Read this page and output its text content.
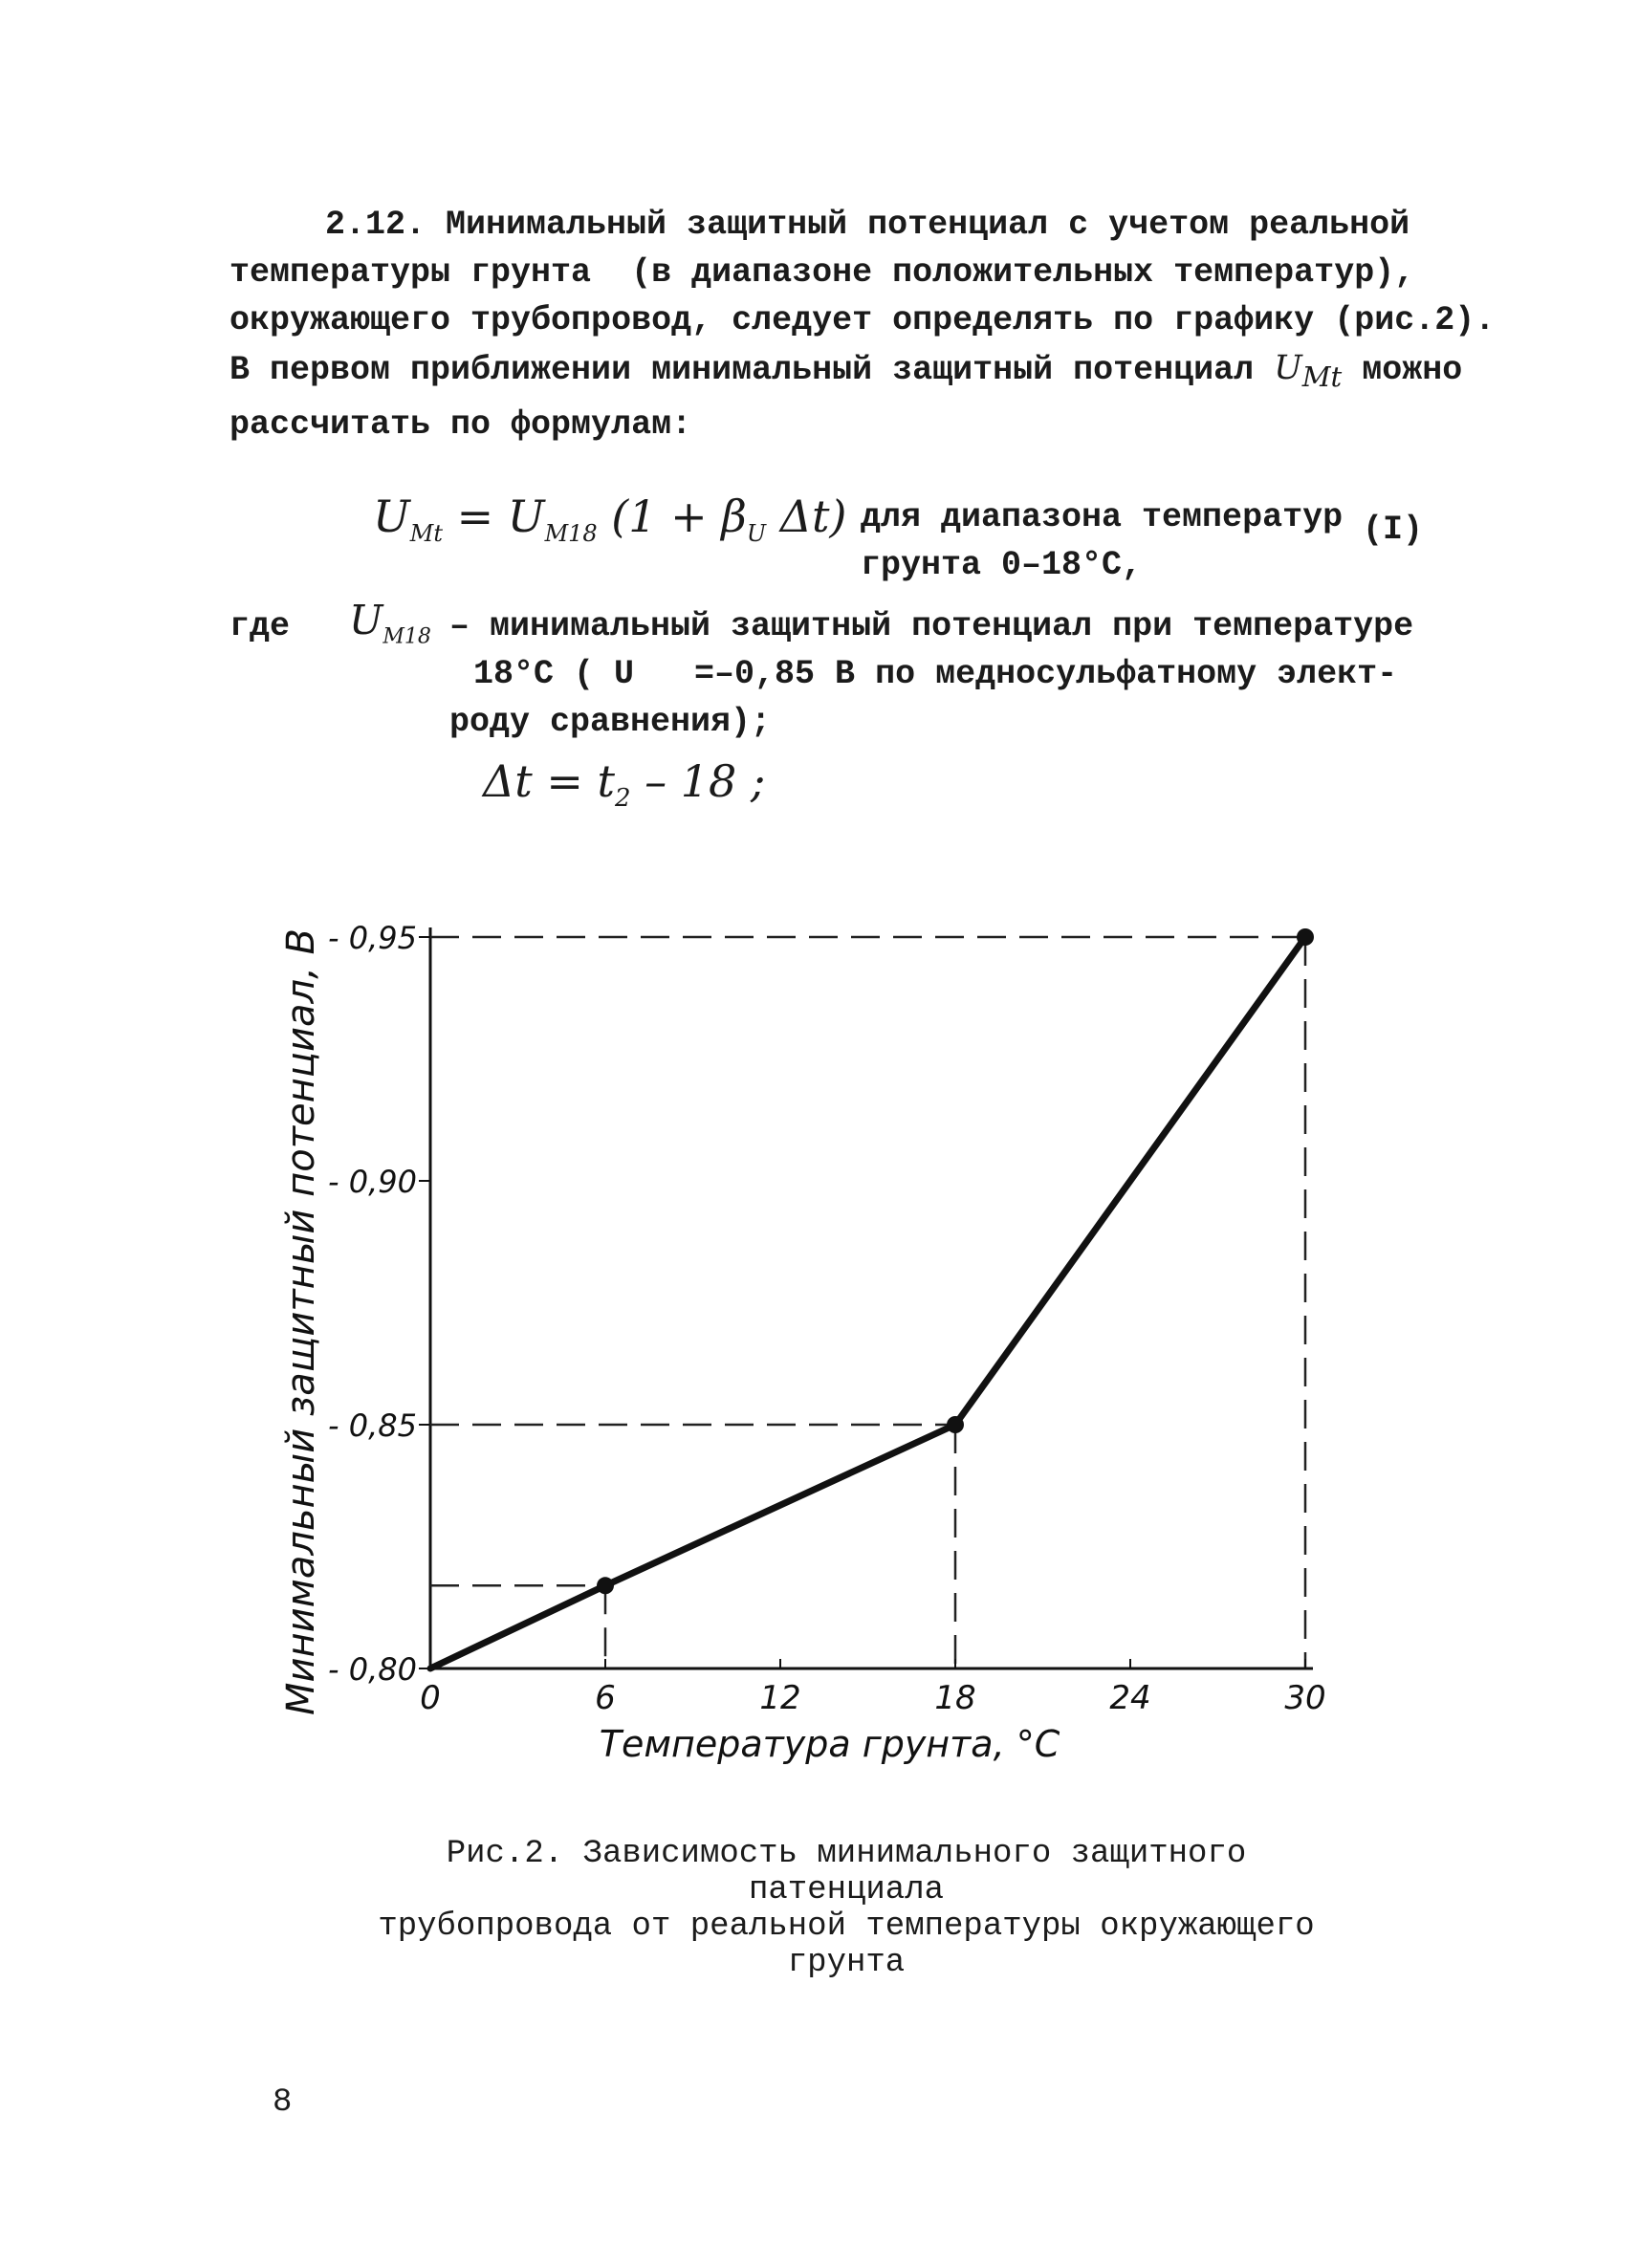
2.12. Минимальный защитный потенциал с учетом реальной
температуры грунта  (в диапазоне положительных температур),
окружающего трубопровод, следует определять по графику (рис.2).
В первом приближении минимальный защитный потенциал $U_{Mt}$ можно
рассчитать по формулам:
$U_{Mt} = U_{M18}$ ($1 + \beta_U$ Δt) для диапазона температур
грунта 0–18°С,
(I)
где $U_{M18}$ – минимальный защитный потенциал при температуре
18°С ( U   =–0,85 В по медносульфатному элект-
роду сравнения);
$\Delta t = t_2 - 18$ ;
0	6	12	18	24	30
- 0,80
- 0,85
- 0,90
- 0,95
Температура грунта, °С
Минимальный защитный потенциал, В
Рис.2. Зависимость минимального защитного патенциала
трубопровода от реальной температуры окружающего
грунта
8
